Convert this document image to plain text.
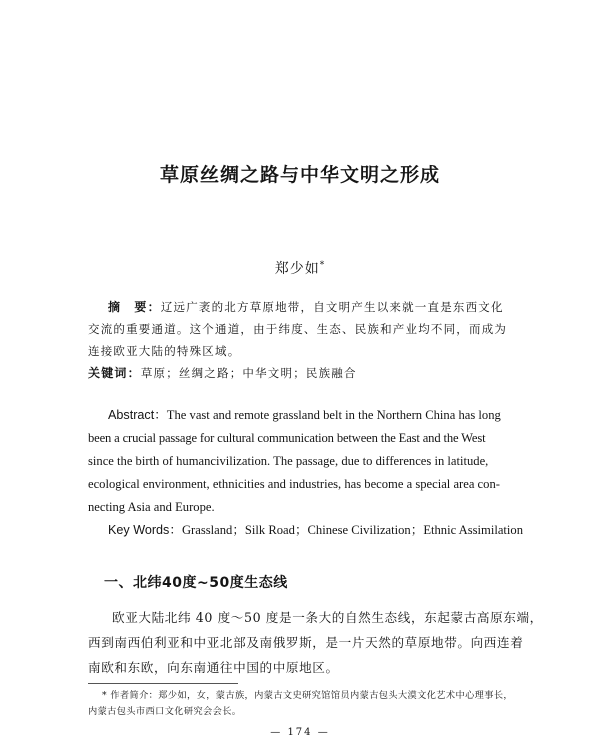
草原丝绸之路与中华文明之形成
郑少如*
摘　要：辽远广袤的北方草原地带，自文明产生以来就一直是东西文化
交流的重要通道。这个通道，由于纬度、生态、民族和产业均不同，而成为
连接欧亚大陆的特殊区域。
关键词：草原；丝绸之路；中华文明；民族融合
Abstract：The vast and remote grassland belt in the Northern China has long
been a crucial passage for cultural communication between the East and the West
since the birth of humancivilization. The passage, due to differences in latitude,
ecological environment, ethnicities and industries, has become a special area con-
necting Asia and Europe.
Key Words：Grassland；Silk Road；Chinese Civilization；Ethnic Assimilation
一、北纬40度~50度生态线
欧亚大陆北纬 40 度～50 度是一条大的自然生态线，东起蒙古高原东端，
西到南西伯利亚和中亚北部及南俄罗斯，是一片天然的草原地带。向西连着
南欧和东欧，向东南通往中国的中原地区。
* 作者简介：郑少如，女，蒙古族，内蒙古文史研究馆馆员内蒙古包头大漠文化艺术中心理事长，
内蒙古包头市西口文化研究会会长。
— 174 —
